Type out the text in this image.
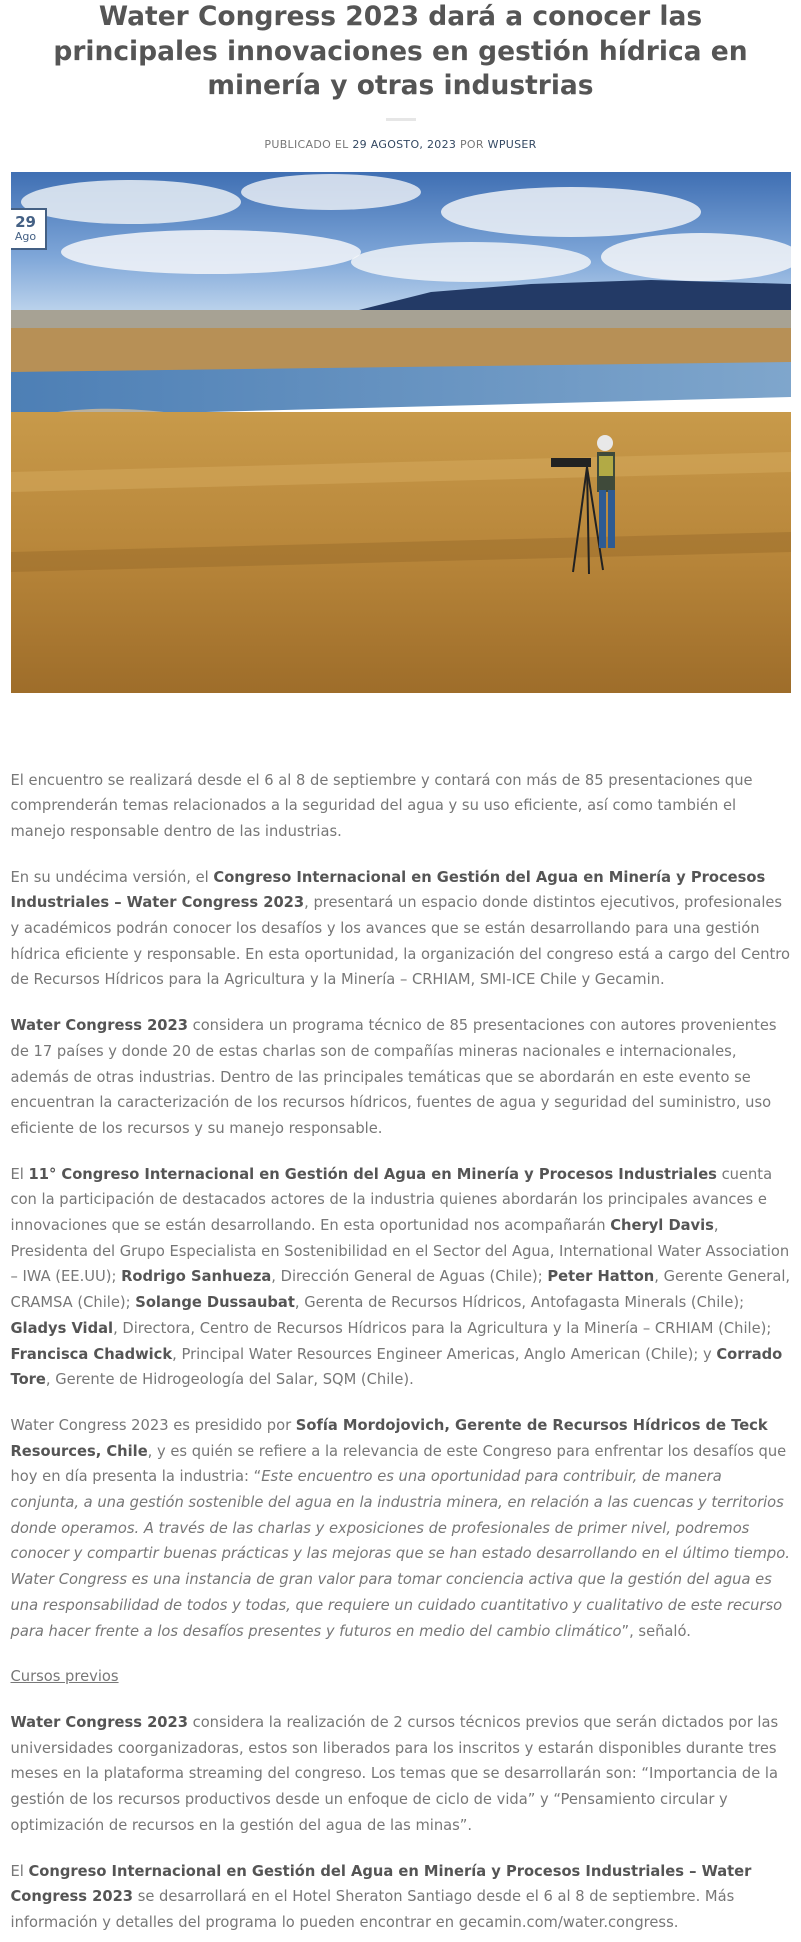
Water Congress 2023 dará a conocer las principales innovaciones en gestión hídrica en minería y otras industrias
PUBLICADO EL 29 AGOSTO, 2023 POR WPUSER
29
Ago

El encuentro se realizará desde el 6 al 8 de septiembre y contará con más de 85 presentaciones que comprenderán temas relacionados a la seguridad del agua y su uso eficiente, así como también el manejo responsable dentro de las industrias.

En su undécima versión, el Congreso Internacional en Gestión del Agua en Minería y Procesos Industriales – Water Congress 2023, presentará un espacio donde distintos ejecutivos, profesionales y académicos podrán conocer los desafíos y los avances que se están desarrollando para una gestión hídrica eficiente y responsable. En esta oportunidad, la organización del congreso está a cargo del Centro de Recursos Hídricos para la Agricultura y la Minería – CRHIAM, SMI-ICE Chile y Gecamin.

Water Congress 2023 considera un programa técnico de 85 presentaciones con autores provenientes de 17 países y donde 20 de estas charlas son de compañías mineras nacionales e internacionales, además de otras industrias. Dentro de las principales temáticas que se abordarán en este evento se encuentran la caracterización de los recursos hídricos, fuentes de agua y seguridad del suministro, uso eficiente de los recursos y su manejo responsable.

El 11° Congreso Internacional en Gestión del Agua en Minería y Procesos Industriales cuenta con la participación de destacados actores de la industria quienes abordarán los principales avances e innovaciones que se están desarrollando. En esta oportunidad nos acompañarán Cheryl Davis, Presidenta del Grupo Especialista en Sostenibilidad en el Sector del Agua, International Water Association – IWA (EE.UU); Rodrigo Sanhueza, Dirección General de Aguas (Chile); Peter Hatton, Gerente General, CRAMSA (Chile); Solange Dussaubat, Gerenta de Recursos Hídricos, Antofagasta Minerals (Chile); Gladys Vidal, Directora, Centro de Recursos Hídricos para la Agricultura y la Minería – CRHIAM (Chile); Francisca Chadwick, Principal Water Resources Engineer Americas, Anglo American (Chile); y Corrado Tore, Gerente de Hidrogeología del Salar, SQM (Chile).

Water Congress 2023 es presidido por Sofía Mordojovich, Gerente de Recursos Hídricos de Teck Resources, Chile, y es quién se refiere a la relevancia de este Congreso para enfrentar los desafíos que hoy en día presenta la industria: “Este encuentro es una oportunidad para contribuir, de manera conjunta, a una gestión sostenible del agua en la industria minera, en relación a las cuencas y territorios donde operamos. A través de las charlas y exposiciones de profesionales de primer nivel, podremos conocer y compartir buenas prácticas y las mejoras que se han estado desarrollando en el último tiempo. Water Congress es una instancia de gran valor para tomar conciencia activa que la gestión del agua es una responsabilidad de todos y todas, que requiere un cuidado cuantitativo y cualitativo de este recurso para hacer frente a los desafíos presentes y futuros en medio del cambio climático”, señaló.

Cursos previos

Water Congress 2023 considera la realización de 2 cursos técnicos previos que serán dictados por las universidades coorganizadoras, estos son liberados para los inscritos y estarán disponibles durante tres meses en la plataforma streaming del congreso. Los temas que se desarrollarán son: “Importancia de la gestión de los recursos productivos desde un enfoque de ciclo de vida” y “Pensamiento circular y optimización de recursos en la gestión del agua de las minas”.

El Congreso Internacional en Gestión del Agua en Minería y Procesos Industriales – Water Congress 2023 se desarrollará en el Hotel Sheraton Santiago desde el 6 al 8 de septiembre. Más información y detalles del programa lo pueden encontrar en gecamin.com/water.congress.
